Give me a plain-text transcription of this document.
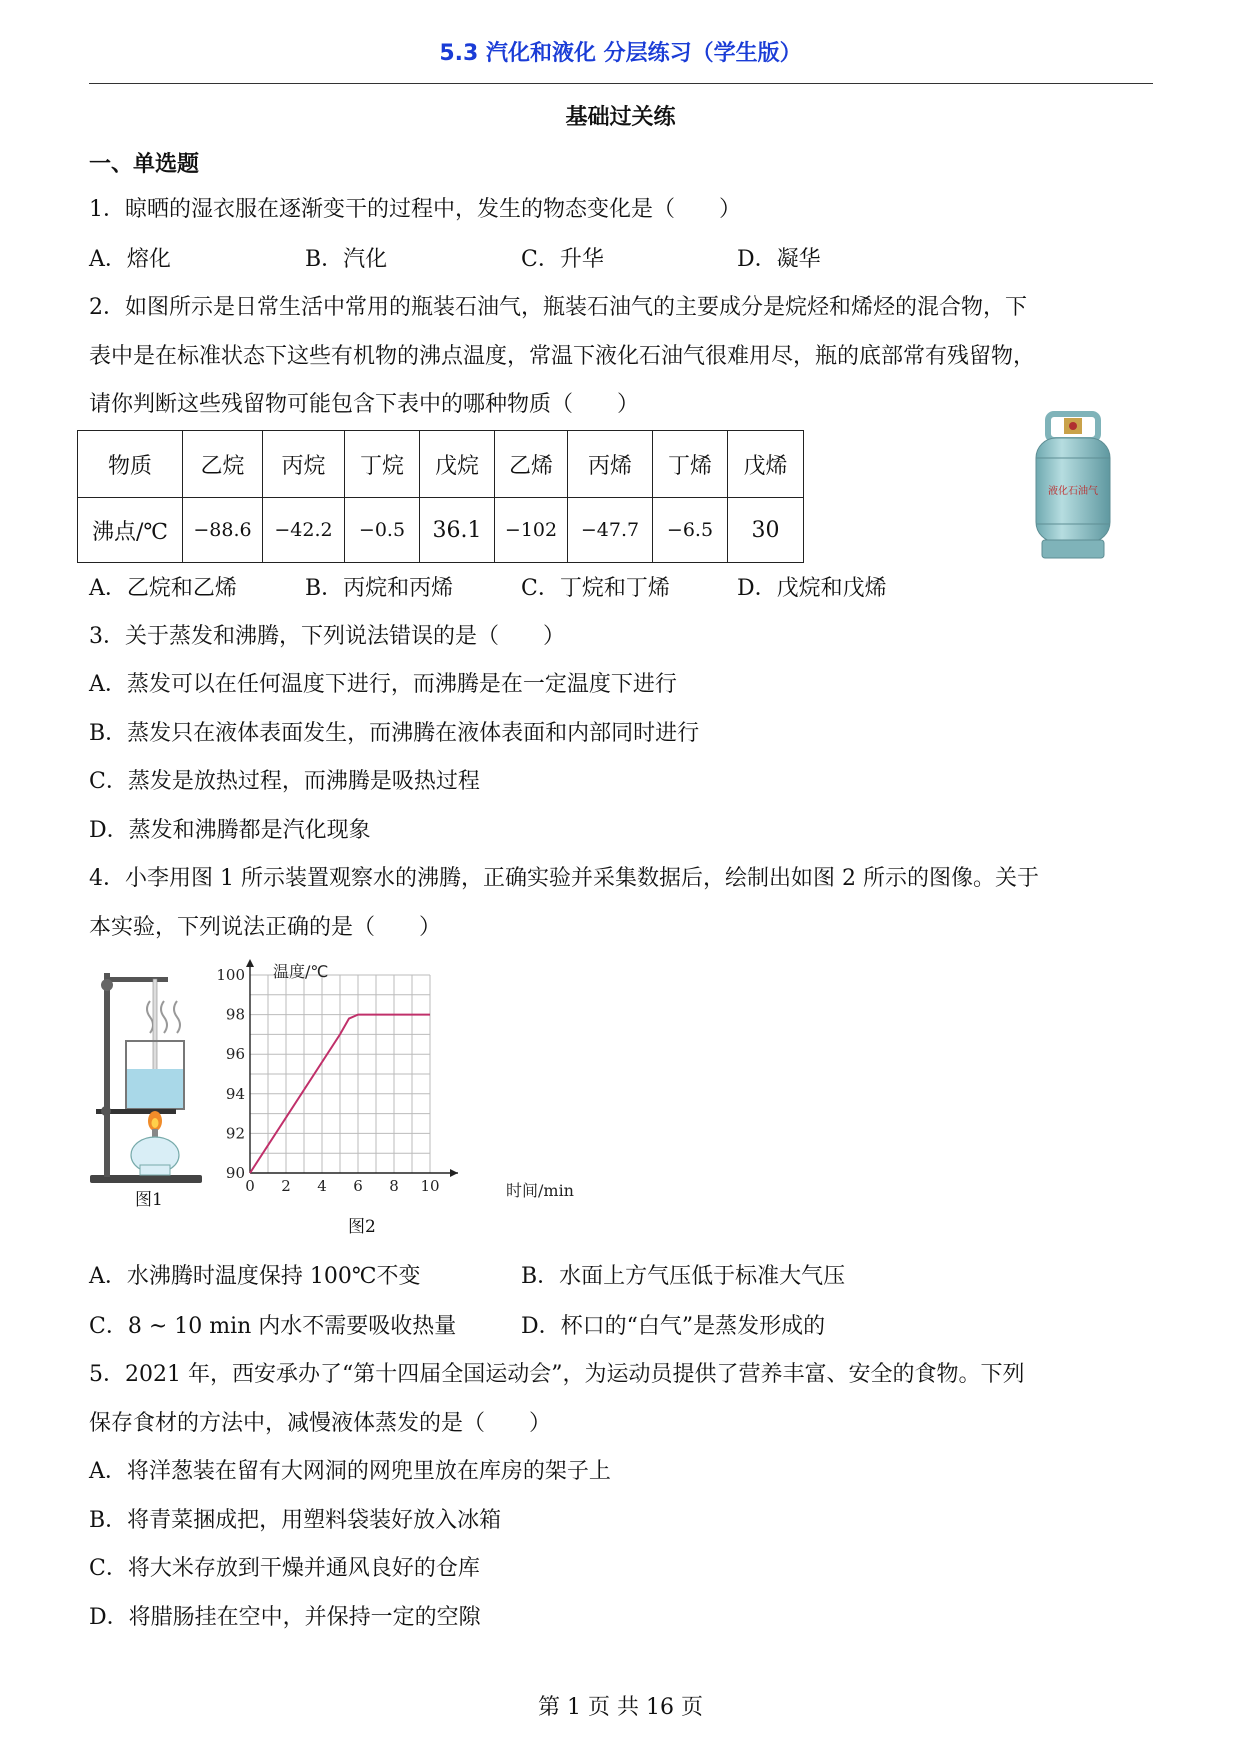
5.3 汽化和液化 分层练习（学生版）
基础过关练
一、单选题
1．晾晒的湿衣服在逐渐变干的过程中，发生的物态变化是（　　）
A．熔化	B．汽化	C．升华	D．凝华
2．如图所示是日常生活中常用的瓶装石油气，瓶装石油气的主要成分是烷烃和烯烃的混合物，下
表中是在标准状态下这些有机物的沸点温度，常温下液化石油气很难用尽，瓶的底部常有残留物，
请你判断这些残留物可能包含下表中的哪种物质（　　）
物质	乙烷	丙烷	丁烷	戊烷	乙烯	丙烯	丁烯	戊烯
沸点/℃	−88.6	−42.2	−0.5	36.1	−102	−47.7	−6.5	30
液化石油气
A．乙烷和乙烯	B．丙烷和丙烯	C．丁烷和丁烯	D．戊烷和戊烯
3．关于蒸发和沸腾，下列说法错误的是（　　）
A．蒸发可以在任何温度下进行，而沸腾是在一定温度下进行
B．蒸发只在液体表面发生，而沸腾在液体表面和内部同时进行
C．蒸发是放热过程，而沸腾是吸热过程
D．蒸发和沸腾都是汽化现象
4．小李用图 1 所示装置观察水的沸腾，正确实验并采集数据后，绘制出如图 2 所示的图像。关于
本实验，下列说法正确的是（　　）
图1
0 2 4 6 8 10
90
92
94
96
98
100 温度/℃
时间/min
图2
A．水沸腾时温度保持 100℃不变	B．水面上方气压低于标准大气压
C．8 ~ 10 min 内水不需要吸收热量	D．杯口的“白气”是蒸发形成的
5．2021 年，西安承办了“第十四届全国运动会”，为运动员提供了营养丰富、安全的食物。下列
保存食材的方法中，减慢液体蒸发的是（　　）
A．将洋葱装在留有大网洞的网兜里放在库房的架子上
B．将青菜捆成把，用塑料袋装好放入冰箱
C．将大米存放到干燥并通风良好的仓库
D．将腊肠挂在空中，并保持一定的空隙
第 1 页 共 16 页
